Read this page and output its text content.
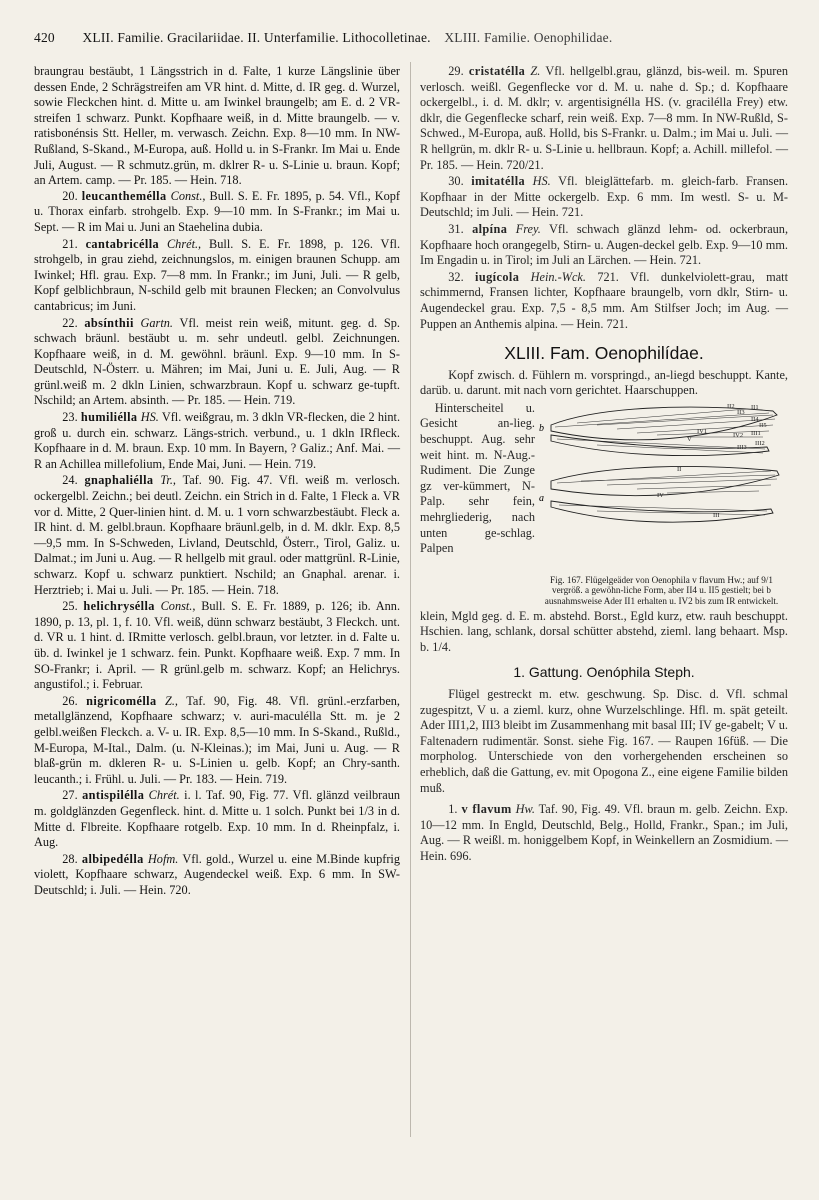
420 XLII. Familie. Gracilariidae. II. Unterfamilie. Lithocolletinae. XLIII. Familie. Oenophilidae.

braungrau bestäubt, 1 Längsstrich in d. Falte, 1 kurze Längslinie über dessen Ende, 2 Schrägstreifen am VR hint. d. Mitte, d. IR geg. d. Wurzel, sowie Fleckchen hint. d. Mitte u. am Iwinkel braungelb; am E. d. 2 VR-streifen 1 schwarz. Punkt. Kopfhaare weiß, in d. Mitte braungelb. — v. ratisbonénsis Stt. Heller, m. verwasch. Zeichn. Exp. 8—10 mm. In NW-Rußland, S-Skand., M-Europa, auß. Holld u. in S-Frankr. Im Mai u. Ende Juli, August. — R schmutz.grün, m. dklrer R- u. S-Linie u. braun. Kopf; an Artem. camp. — Pr. 185. — Hein. 718.

20. leucanthemélla Const., Bull. S. E. Fr. 1895, p. 54. Vfl., Kopf u. Thorax einfarb. strohgelb. Exp. 9—10 mm. In S-Frankr.; im Mai u. Sept. — R im Mai u. Juni an Staehelina dubia.

21. cantabricélla Chrét., Bull. S. E. Fr. 1898, p. 126. Vfl. strohgelb, in grau ziehd, zeichnungslos, m. einigen braunen Schupp. am Iwinkel; Hfl. grau. Exp. 7—8 mm. In Frankr.; im Juni, Juli. — R gelb, Kopf gelblichbraun, N-schild gelb mit braunen Flecken; an Convolvulus cantabricus; im Juni.

22. absínthii Gartn. Vfl. meist rein weiß, mitunt. geg. d. Sp. schwach bräunl. bestäubt u. m. sehr undeutl. gelbl. Zeichnungen. Kopfhaare weiß, in d. M. gewöhnl. bräunl. Exp. 9—10 mm. In S-Deutschld, N-Österr. u. Mähren; im Mai, Juni u. E. Juli, Aug. — R grünl.weiß m. 2 dkln Linien, schwarzbraun. Kopf u. schwarz ge-tupft. Nschild; an Artem. absinth. — Pr. 185. — Hein. 719.

23. humiliélla HS. Vfl. weißgrau, m. 3 dkln VR-flecken, die 2 hint. groß u. durch ein. schwarz. Längs-strich. verbund., u. 1 dkln IRfleck. Kopfhaare in d. M. braun. Exp. 10 mm. In Bayern, ? Galiz.; Anf. Mai. — R an Achillea millefolium, Ende Mai, Juni. — Hein. 719.

24. gnaphaliélla Tr., Taf. 90. Fig. 47. Vfl. weiß m. verlosch. ockergelbl. Zeichn.; bei deutl. Zeichn. ein Strich in d. Falte, 1 Fleck a. VR vor d. Mitte, 2 Quer-linien hint. d. M. u. 1 vorn schwarzbestäubt. Fleck a. IR hint. d. M. gelbl.braun. Kopfhaare bräunl.gelb, in d. M. dklr. Exp. 8,5—9,5 mm. In S-Schweden, Livland, Deutschld, Österr., Tirol, Galiz. u. Dalmat.; im Juni u. Aug. — R hellgelb mit graul. oder mattgrünl. R-Linie, schwarz. Kopf u. schwarz punktiert. Nschild; an Gnaphal. arenar. i. Herztrieb; i. Mai u. Juli. — Pr. 185. — Hein. 718.

25. helichrysélla Const., Bull. S. E. Fr. 1889, p. 126; ib. Ann. 1890, p. 13, pl. 1, f. 10. Vfl. weiß, dünn schwarz bestäubt, 3 Fleckch. unt. d. VR u. 1 hint. d. IRmitte verlosch. gelbl.braun, vor letzter. in d. Falte u. üb. d. Iwinkel je 1 schwarz. fein. Punkt. Kopfhaare weiß. Exp. 7 mm. In SO-Frankr; i. April. — R grünl.gelb m. schwarz. Kopf; an Helichrys. angustifol.; i. Februar.

26. nigricomélla Z., Taf. 90, Fig. 48. Vfl. grünl.-erzfarben, metallglänzend, Kopfhaare schwarz; v. auri-maculélla Stt. m. je 2 gelbl.weißen Fleckch. a. V- u. IR. Exp. 8,5—10 mm. In S-Skand., Rußld., M-Europa, M-Ital., Dalm. (u. N-Kleinas.); im Mai, Juni u. Aug. — R blaß-grün m. dkleren R- u. S-Linien u. gelb. Kopf; an Chry-santh. leucanth.; i. Frühl. u. Juli. — Pr. 183. — Hein. 719.

27. antispilélla Chrét. i. l. Taf. 90, Fig. 77. Vfl. glänzd veilbraun m. goldglänzden Gegenfleck. hint. d. Mitte u. 1 solch. Punkt bei 1/3 in d. Mitte d. Flbreite. Kopfhaare rotgelb. Exp. 10 mm. In d. Rheinpfalz, i. Aug.

28. albipedélla Hofm. Vfl. gold., Wurzel u. eine M.Binde kupfrig violett, Kopfhaare schwarz, Augendeckel weiß. Exp. 6 mm. In SW-Deutschld; i. Juli. — Hein. 720.

29. cristatélla Z. Vfl. hellgelbl.grau, glänzd, bis-weil. m. Spuren verlosch. weißl. Gegenflecke vor d. M. u. nahe d. Sp.; d. Kopfhaare ockergelbl., i. d. M. dklr; v. argentisignélla HS. (v. gracilélla Frey) etw. dklr, die Gegenflecke scharf, rein weiß. Exp. 7—8 mm. In NW-Rußld, S-Schwed., M-Europa, auß. Holld, bis S-Frankr. u. Dalm.; im Mai u. Juli. — R hellgrün, m. dklr R- u. S-Linie u. hellbraun. Kopf; a. Achill. millefol. — Pr. 185. — Hein. 720/21.

30. imitatélla HS. Vfl. bleiglättefarb. m. gleich-farb. Fransen. Kopfhaar in der Mitte ockergelb. Exp. 6 mm. Im westl. S- u. M-Deutschld; im Juli. — Hein. 721.

31. alpína Frey. Vfl. schwach glänzd lehm- od. ockerbraun, Kopfhaare hoch orangegelb, Stirn- u. Augen-deckel gelb. Exp. 9—10 mm. Im Engadin u. in Tirol; im Juli an Lärchen. — Hein. 721.

32. iugícola Hein.-Wck. 721. Vfl. dunkelviolett-grau, matt schimmernd, Fransen lichter, Kopfhaare braungelb, vorn dklr, Stirn- u. Augendeckel grau. Exp. 7,5 - 8,5 mm. Am Stilfser Joch; im Aug. — Puppen an Anthemis alpina. — Hein. 721.

XLIII. Fam. Oenophilídae.

Kopf zwisch. d. Fühlern m. vorspringd., an-liegd beschuppt. Kante, darüb. u. darunt. mit nach vorn gerichtet. Haarschuppen.

Hinterscheitel u. Gesicht an-lieg. beschuppt. Aug. sehr weit hint. m. N-Aug.-Rudiment. Die Zunge gz ver-kümmert, N-Palp. sehr fein, mehrgliederig, nach unten ge-schlag. Palpen

b
II1
II2
II3
II4
II5
IV1
V
IV2 III1
III2
III3
a
II
IV
III
Fig. 167. Flügelgeäder von Oenophila v flavum Hw.; auf 9/1 vergröß. a gewöhn-liche Form, aber II4 u. II5 gestielt; bei b ausnahmsweise Ader II1 erhalten u. IV2 bis zum IR entwickelt.

klein, Mgld geg. d. E. m. abstehd. Borst., Egld kurz, etw. rauh beschuppt. Hschien. lang, schlank, dorsal schütter abstehd, zieml. lang behaart. Msp. b. 1/4.

1. Gattung. Oenóphila Steph.

Flügel gestreckt m. etw. geschwung. Sp. Disc. d. Vfl. schmal zugespitzt, V u. a zieml. kurz, ohne Wurzelschlinge. Hfl. m. spät geteilt. Ader III1,2, III3 bleibt im Zusammenhang mit basal III; IV ge-gabelt; V u. Faltenadern rudimentär. Sonst. siehe Fig. 167. — Raupen 16füß. — Die morpholog. Unterschiede von den vorhergehenden erscheinen so erheblich, daß die Gattung, ev. mit Opogona Z., eine eigene Familie bilden muß.

1. v flavum Hw. Taf. 90, Fig. 49. Vfl. braun m. gelb. Zeichn. Exp. 10—12 mm. In Engld, Deutschld, Belg., Holld, Frankr., Span.; im Juli, Aug. — R weißl. m. honiggelbem Kopf, in Weinkellern an Zosmidium. — Hein. 696.
